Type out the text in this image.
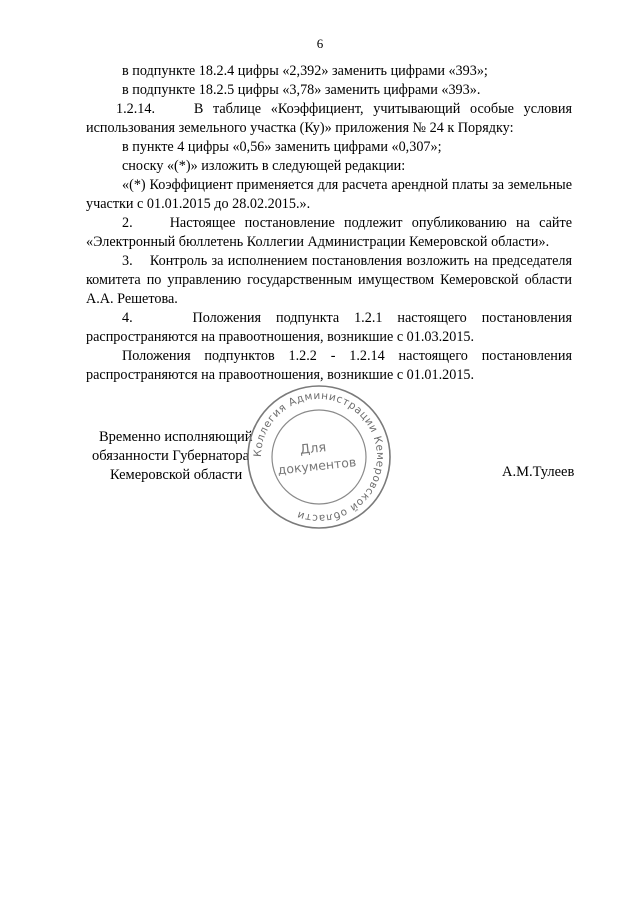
6

в подпункте 18.2.4 цифры «2,392» заменить цифрами «393»;

в подпункте 18.2.5 цифры «3,78» заменить цифрами «393».

1.2.14.    В таблице «Коэффициент, учитывающий особые условия использования земельного участка (Ку)» приложения № 24 к Порядку:

в пункте 4 цифры «0,56» заменить цифрами «0,307»;

сноску «(*)» изложить в следующей редакции:

«(*) Коэффициент применяется для расчета арендной платы за земельные участки с 01.01.2015 до 28.02.2015.».

2.    Настоящее постановление подлежит опубликованию на сайте «Электронный бюллетень Коллегии Администрации Кемеровской области».

3.    Контроль за исполнением постановления возложить на председателя комитета по управлению государственным имуществом Кемеровской области А.А. Решетова.

4.    Положения подпункта 1.2.1 настоящего постановления распространяются на правоотношения, возникшие с 01.03.2015.

Положения подпунктов 1.2.2 - 1.2.14 настоящего постановления распространяются на правоотношения, возникшие с 01.01.2015.

Временно исполняющий
обязанности Губернатора
Кемеровской области	А.М.Тулеев
Коллегия Администрации Кемеровской области
Для
документов
